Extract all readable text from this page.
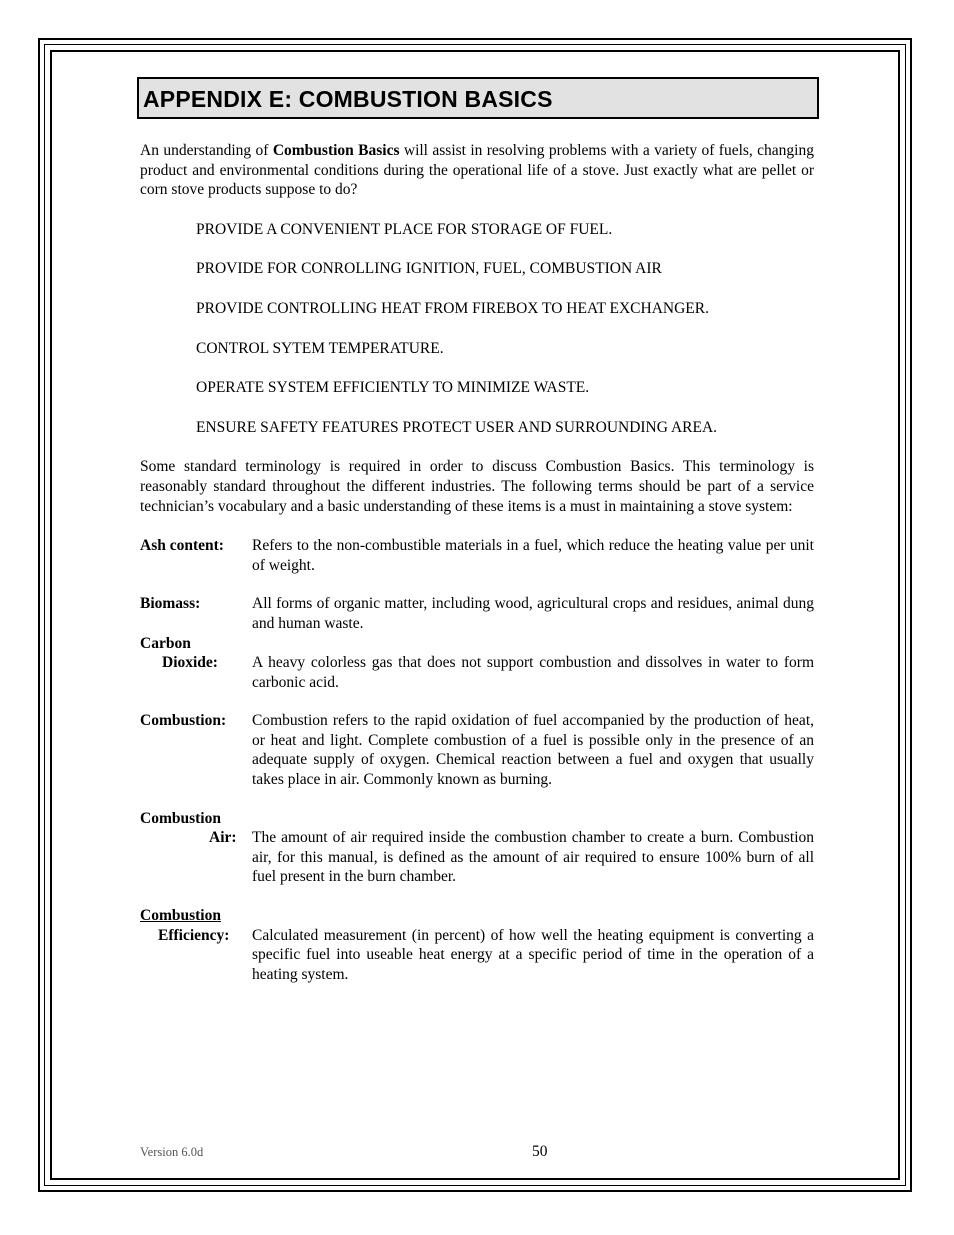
APPENDIX E: COMBUSTION BASICS

An understanding of Combustion Basics will assist in resolving problems with a variety of fuels, changing product and environmental conditions during the operational life of a stove. Just exactly what are pellet or corn stove products suppose to do?

PROVIDE A CONVENIENT PLACE FOR STORAGE OF FUEL.

PROVIDE FOR CONROLLING IGNITION, FUEL, COMBUSTION AIR

PROVIDE CONTROLLING HEAT FROM FIREBOX TO HEAT EXCHANGER.

CONTROL SYTEM TEMPERATURE.

OPERATE SYSTEM EFFICIENTLY TO MINIMIZE WASTE.

ENSURE SAFETY FEATURES PROTECT USER AND SURROUNDING AREA.

Some standard terminology is required in order to discuss Combustion Basics. This terminology is reasonably standard throughout the different industries. The following terms should be part of a service technician’s vocabulary and a basic understanding of these items is a must in maintaining a stove system:

Ash content: Refers to the non-combustible materials in a fuel, which reduce the heating value per unit of weight.

Biomass:	All forms of organic matter, including wood, agricultural crops and residues, animal dung and human waste.

Carbon
Dioxide: A heavy colorless gas that does not support combustion and dissolves in water to form carbonic acid.

Combustion: Combustion refers to the rapid oxidation of fuel accompanied by the production of heat, or heat and light. Complete combustion of a fuel is possible only in the presence of an adequate supply of oxygen. Chemical reaction between a fuel and oxygen that usually takes place in air. Commonly known as burning.

Combustion
Air: The amount of air required inside the combustion chamber to create a burn. Combustion air, for this manual, is defined as the amount of air required to ensure 100% burn of all fuel present in the burn chamber.

Combustion
Efficiency: Calculated measurement (in percent) of how well the heating equipment is converting a specific fuel into useable heat energy at a specific period of time in the operation of a heating system.

Version 6.0d	50
